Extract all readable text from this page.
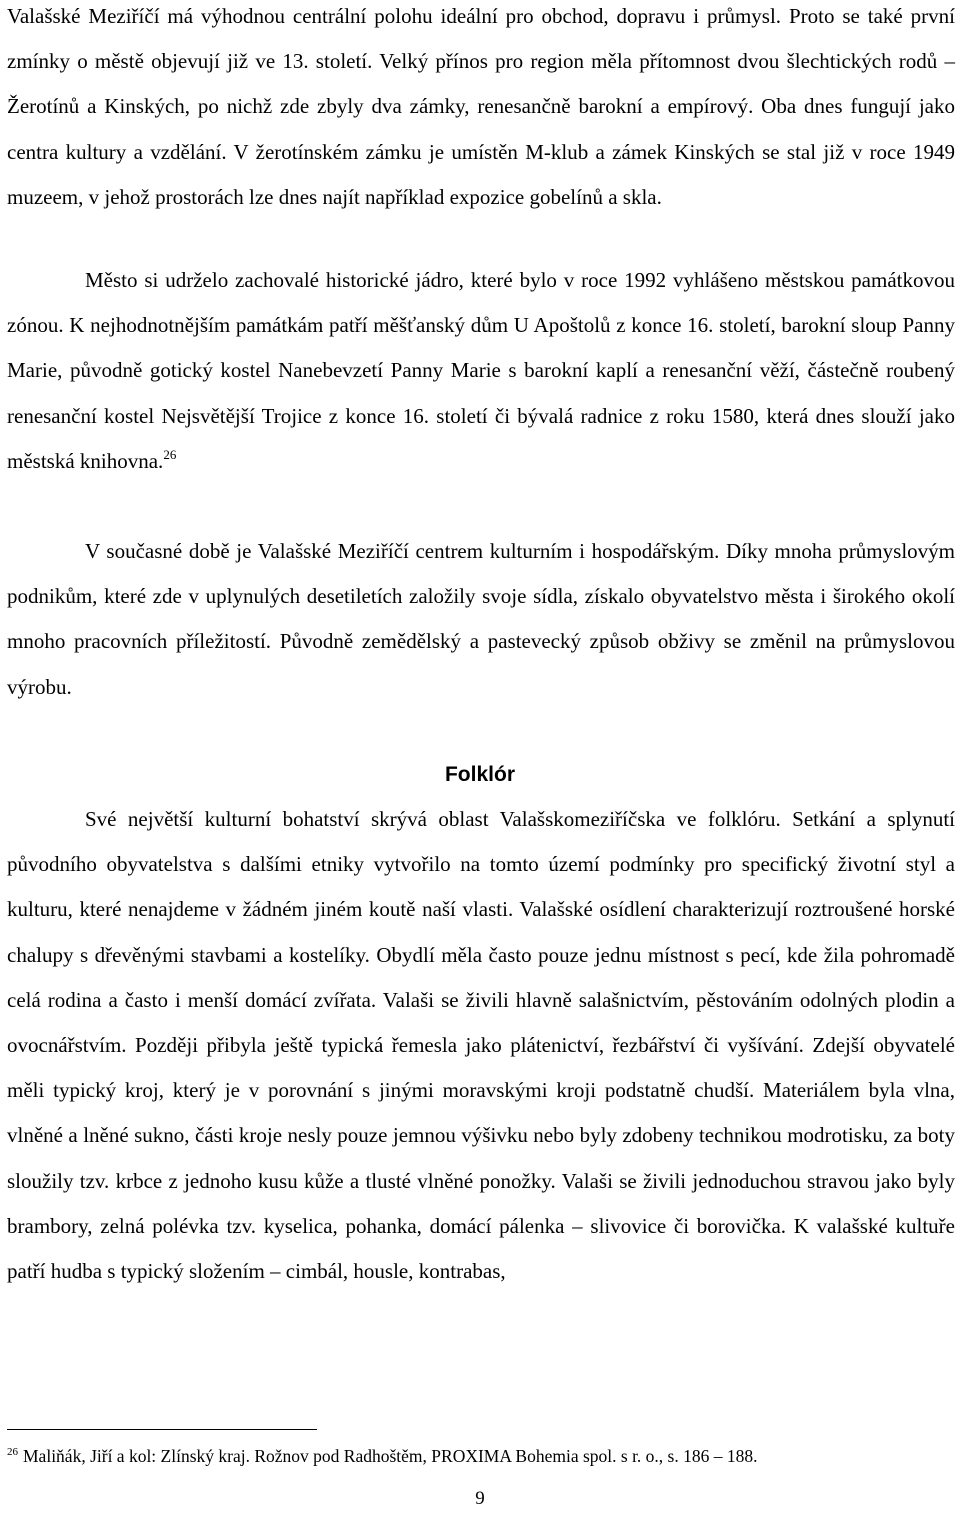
Valašské Meziříčí má výhodnou centrální polohu ideální pro obchod, dopravu i průmysl. Proto se také první zmínky o městě objevují již ve 13. století. Velký přínos pro region měla přítomnost dvou šlechtických rodů – Žerotínů a Kinských, po nichž zde zbyly dva zámky, renesančně barokní a empírový. Oba dnes fungují jako centra kultury a vzdělání. V žerotínském zámku je umístěn M-klub a zámek Kinských se stal již v roce 1949 muzeem, v jehož prostorách lze dnes najít například expozice gobelínů a skla.

Město si udrželo zachovalé historické jádro, které bylo v roce 1992 vyhlášeno městskou památkovou zónou. K nejhodnotnějším památkám patří měšťanský dům U Apoštolů z konce 16. století, barokní sloup Panny Marie, původně gotický kostel Nanebevzetí Panny Marie s barokní kaplí a renesanční věží, částečně roubený renesanční kostel Nejsvětější Trojice z konce 16. století či bývalá radnice z roku 1580, která dnes slouží jako městská knihovna.$^{26}$

V současné době je Valašské Meziříčí centrem kulturním i hospodářským. Díky mnoha průmyslovým podnikům, které zde v uplynulých desetiletích založily svoje sídla, získalo obyvatelstvo města i širokého okolí mnoho pracovních příležitostí. Původně zemědělský a pastevecký způsob obživy se změnil na průmyslovou výrobu.

Folklór

Své největší kulturní bohatství skrývá oblast Valašskomeziříčska ve folklóru. Setkání a splynutí původního obyvatelstva s dalšími etniky vytvořilo na tomto území podmínky pro specifický životní styl a kulturu, které nenajdeme v žádném jiném koutě naší vlasti. Valašské osídlení charakterizují roztroušené horské chalupy s dřevěnými stavbami a kostelíky. Obydlí měla často pouze jednu místnost s pecí, kde žila pohromadě celá rodina a často i menší domácí zvířata. Valaši se živili hlavně salašnictvím, pěstováním odolných plodin a ovocnářstvím. Později přibyla ještě typická řemesla jako plátenictví, řezbářství či vyšívání. Zdejší obyvatelé měli typický kroj, který je v porovnání s jinými moravskými kroji podstatně chudší. Materiálem byla vlna, vlněné a lněné sukno, části kroje nesly pouze jemnou výšivku nebo byly zdobeny technikou modrotisku, za boty sloužily tzv. krbce z jednoho kusu kůže a tlusté vlněné ponožky. Valaši se živili jednoduchou stravou jako byly brambory, zelná polévka tzv. kyselica, pohanka, domácí pálenka – slivovice či borovička. K valašské kultuře patří hudba s typický složením – cimbál, housle, kontrabas,

$^{26}$ Maliňák, Jiří a kol: Zlínský kraj. Rožnov pod Radhoštěm, PROXIMA Bohemia spol. s r. o., s. 186 – 188.
9
